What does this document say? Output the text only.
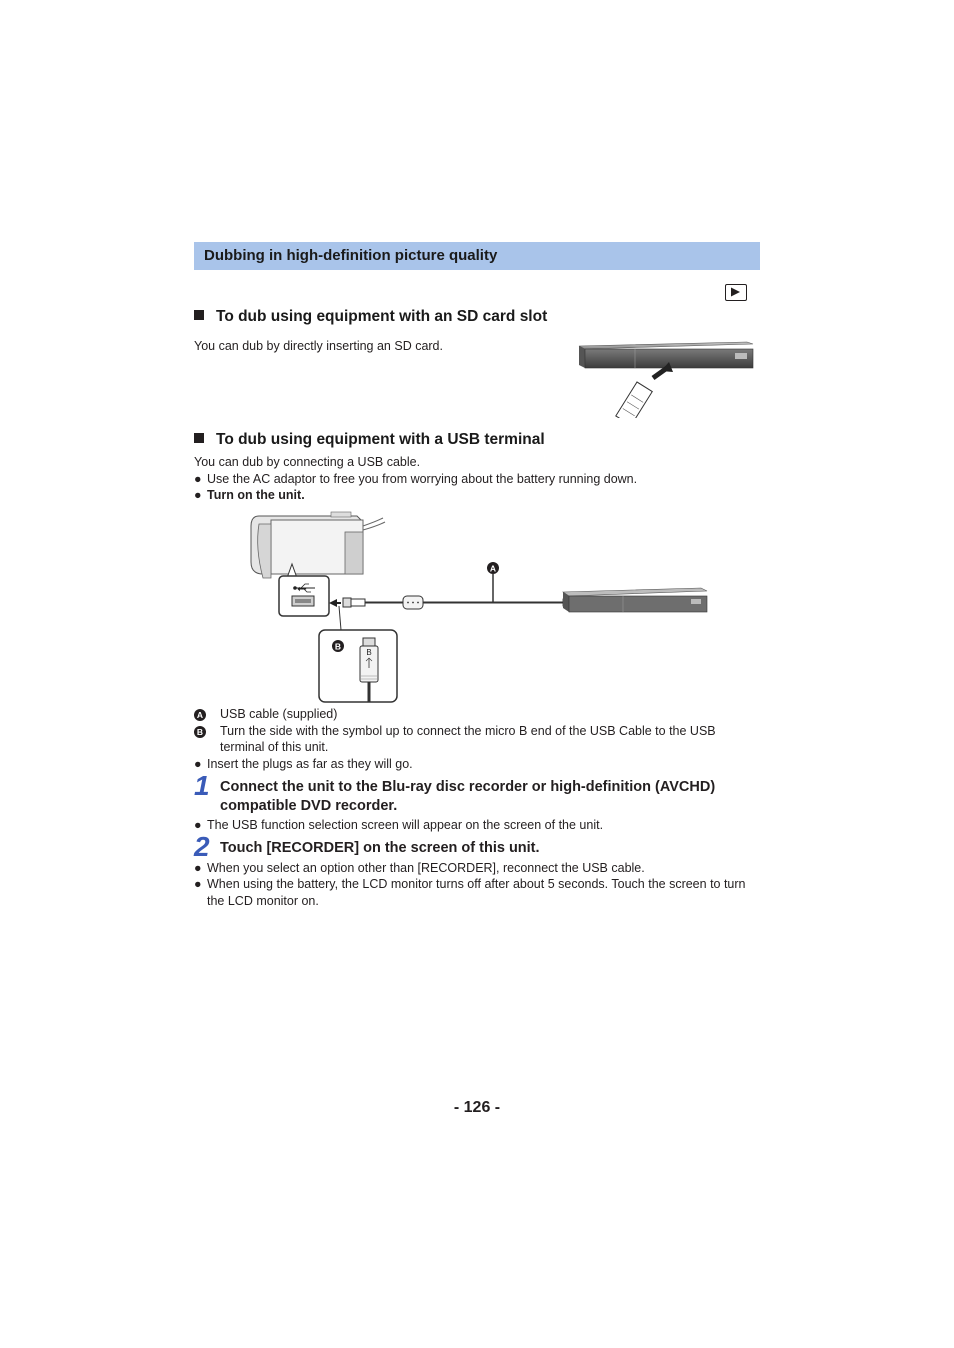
Dubbing in high-definition picture quality
To dub using equipment with an SD card slot
You can dub by directly inserting an SD card.
To dub using equipment with a USB terminal
You can dub by connecting a USB cable.
● Use the AC adaptor to free you from worrying about the battery running down.
● Turn on the unit.
⭠
A
B
B
A USB cable (supplied)
B Turn the side with the symbol up to connect the micro B end of the USB Cable to the USB
terminal of this unit.
● Insert the plugs as far as they will go.
1 Connect the unit to the Blu-ray disc recorder or high-definition (AVCHD)
compatible DVD recorder.
● The USB function selection screen will appear on the screen of the unit.
2 Touch [RECORDER] on the screen of this unit.
● When you select an option other than [RECORDER], reconnect the USB cable.
● When using the battery, the LCD monitor turns off after about 5 seconds. Touch the screen to turn
the LCD monitor on.
- 126 -
